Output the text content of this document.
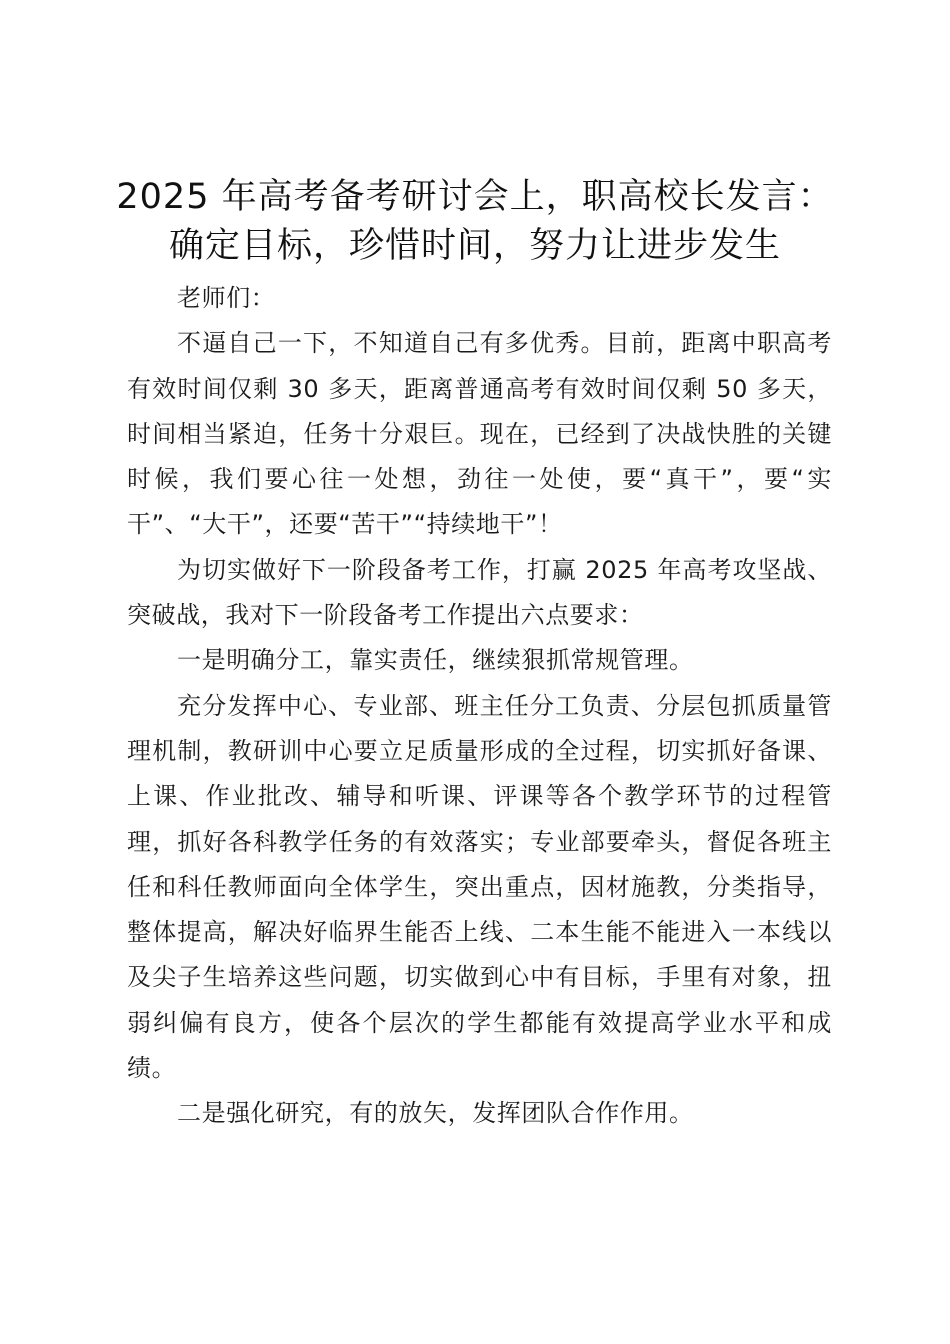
2025 年高考备考研讨会上，职高校长发言：
确定目标，珍惜时间，努力让进步发生

老师们：

不逼自己一下，不知道自己有多优秀。目前，距离中职高考有效时间仅剩 30 多天，距离普通高考有效时间仅剩 50 多天，时间相当紧迫，任务十分艰巨。现在，已经到了决战快胜的关键时候，我们要心往一处想，劲往一处使，要“真干”，要“实干”、“大干”，还要“苦干”“持续地干”！

为切实做好下一阶段备考工作，打赢 2025 年高考攻坚战、突破战，我对下一阶段备考工作提出六点要求：

一是明确分工，靠实责任，继续狠抓常规管理。

充分发挥中心、专业部、班主任分工负责、分层包抓质量管理机制，教研训中心要立足质量形成的全过程，切实抓好备课、上课、作业批改、辅导和听课、评课等各个教学环节的过程管理，抓好各科教学任务的有效落实；专业部要牵头，督促各班主任和科任教师面向全体学生，突出重点，因材施教，分类指导，整体提高，解决好临界生能否上线、二本生能不能进入一本线以及尖子生培养这些问题，切实做到心中有目标，手里有对象，扭弱纠偏有良方，使各个层次的学生都能有效提高学业水平和成绩。

二是强化研究，有的放矢，发挥团队合作作用。
